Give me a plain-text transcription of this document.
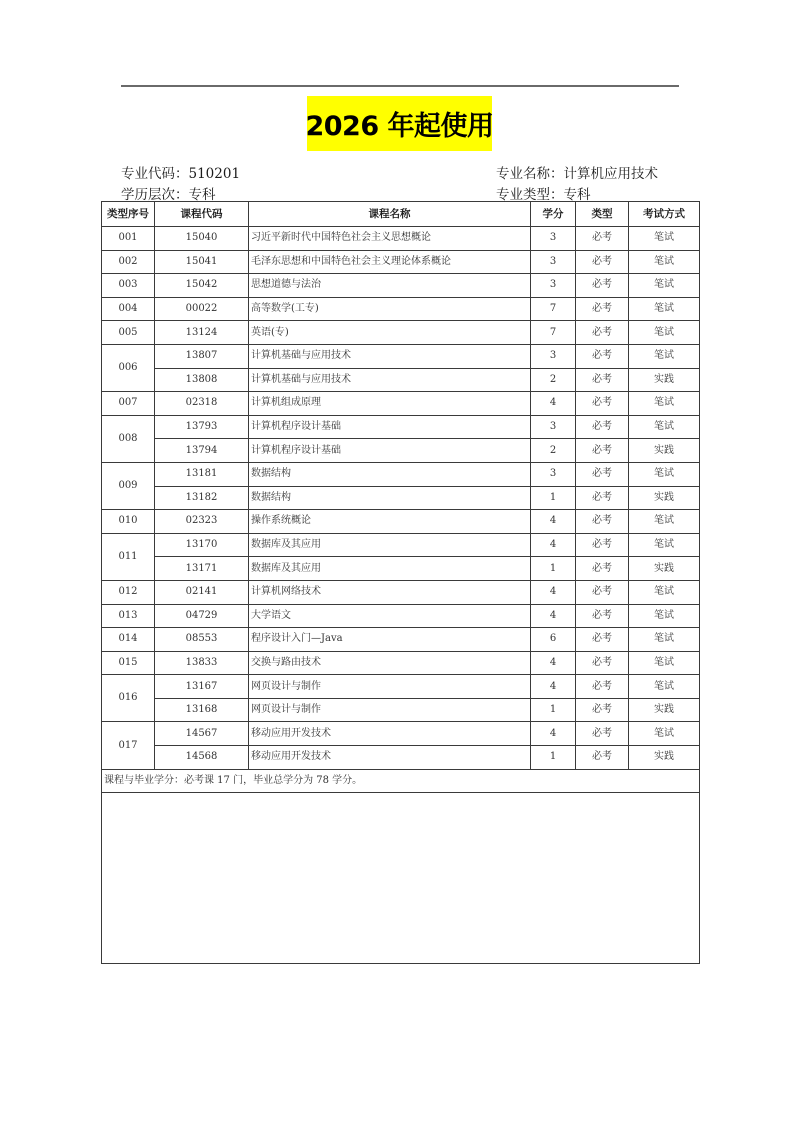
2026 年起使用
专业代码：510201
学历层次：专科
专业名称：计算机应用技术
专业类型：专科
类型序号	课程代码	课程名称	学分	类型	考试方式
001	15040	习近平新时代中国特色社会主义思想概论	3	必考	笔试
002	15041	毛泽东思想和中国特色社会主义理论体系概论	3	必考	笔试
003	15042	思想道德与法治	3	必考	笔试
004	00022	高等数学(工专)	7	必考	笔试
005	13124	英语(专)	7	必考	笔试
006	13807	计算机基础与应用技术	3	必考	笔试
	13808	计算机基础与应用技术	2	必考	实践
007	02318	计算机组成原理	4	必考	笔试
008	13793	计算机程序设计基础	3	必考	笔试
	13794	计算机程序设计基础	2	必考	实践
009	13181	数据结构	3	必考	笔试
	13182	数据结构	1	必考	实践
010	02323	操作系统概论	4	必考	笔试
011	13170	数据库及其应用	4	必考	笔试
	13171	数据库及其应用	1	必考	实践
012	02141	计算机网络技术	4	必考	笔试
013	04729	大学语文	4	必考	笔试
014	08553	程序设计入门—Java	6	必考	笔试
015	13833	交换与路由技术	4	必考	笔试
016	13167	网页设计与制作	4	必考	笔试
	13168	网页设计与制作	1	必考	实践
017	14567	移动应用开发技术	4	必考	笔试
	14568	移动应用开发技术	1	必考	实践
课程与毕业学分：必考课 17 门，毕业总学分为 78 学分。					
